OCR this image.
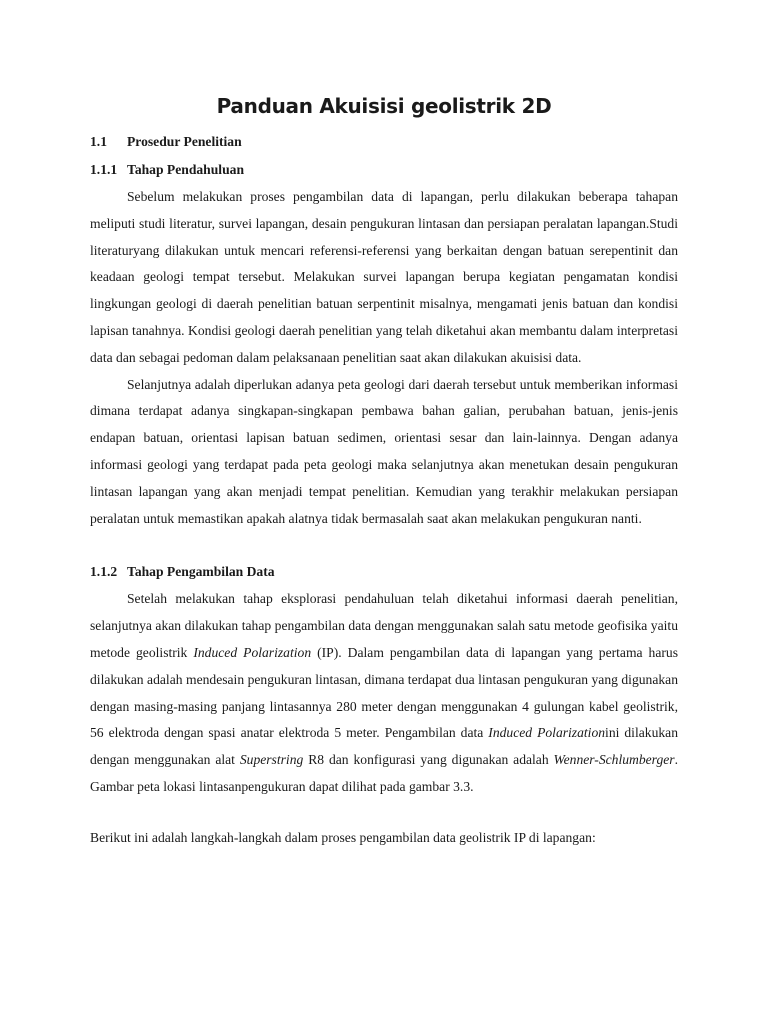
Panduan Akuisisi geolistrik 2D
1.1 Prosedur Penelitian
1.1.1 Tahap Pendahuluan

Sebelum melakukan proses pengambilan data di lapangan, perlu dilakukan beberapa tahapan meliputi studi literatur, survei lapangan, desain pengukuran lintasan dan persiapan peralatan lapangan.Studi literaturyang dilakukan untuk mencari referensi-referensi yang berkaitan dengan batuan serepentinit dan keadaan geologi tempat tersebut. Melakukan survei lapangan berupa kegiatan pengamatan kondisi lingkungan geologi di daerah penelitian batuan serpentinit misalnya, mengamati jenis batuan dan kondisi lapisan tanahnya. Kondisi geologi daerah penelitian yang telah diketahui akan membantu dalam interpretasi data dan sebagai pedoman dalam pelaksanaan penelitian saat akan dilakukan akuisisi data.

Selanjutnya adalah diperlukan adanya peta geologi dari daerah tersebut untuk memberikan informasi dimana terdapat adanya singkapan-singkapan pembawa bahan galian, perubahan batuan, jenis-jenis endapan batuan, orientasi lapisan batuan sedimen, orientasi sesar dan lain-lainnya. Dengan adanya informasi geologi yang terdapat pada peta geologi maka selanjutnya akan menetukan desain pengukuran lintasan lapangan yang akan menjadi tempat penelitian. Kemudian yang terakhir melakukan persiapan peralatan untuk memastikan apakah alatnya tidak bermasalah saat akan melakukan pengukuran nanti.

1.1.2 Tahap Pengambilan Data

Setelah melakukan tahap eksplorasi pendahuluan telah diketahui informasi daerah penelitian, selanjutnya akan dilakukan tahap pengambilan data dengan menggunakan salah satu metode geofisika yaitu metode geolistrik Induced Polarization (IP). Dalam pengambilan data di lapangan yang pertama harus dilakukan adalah mendesain pengukuran lintasan, dimana terdapat dua lintasan pengukuran yang digunakan dengan masing-masing panjang lintasannya 280 meter dengan menggunakan 4 gulungan kabel geolistrik, 56 elektroda dengan spasi anatar elektroda 5 meter. Pengambilan data Induced Polarizationini dilakukan dengan menggunakan alat Superstring R8 dan konfigurasi yang digunakan adalah Wenner-Schlumberger. Gambar peta lokasi lintasanpengukuran dapat dilihat pada gambar 3.3.

Berikut ini adalah langkah-langkah dalam proses pengambilan data geolistrik IP di lapangan:
